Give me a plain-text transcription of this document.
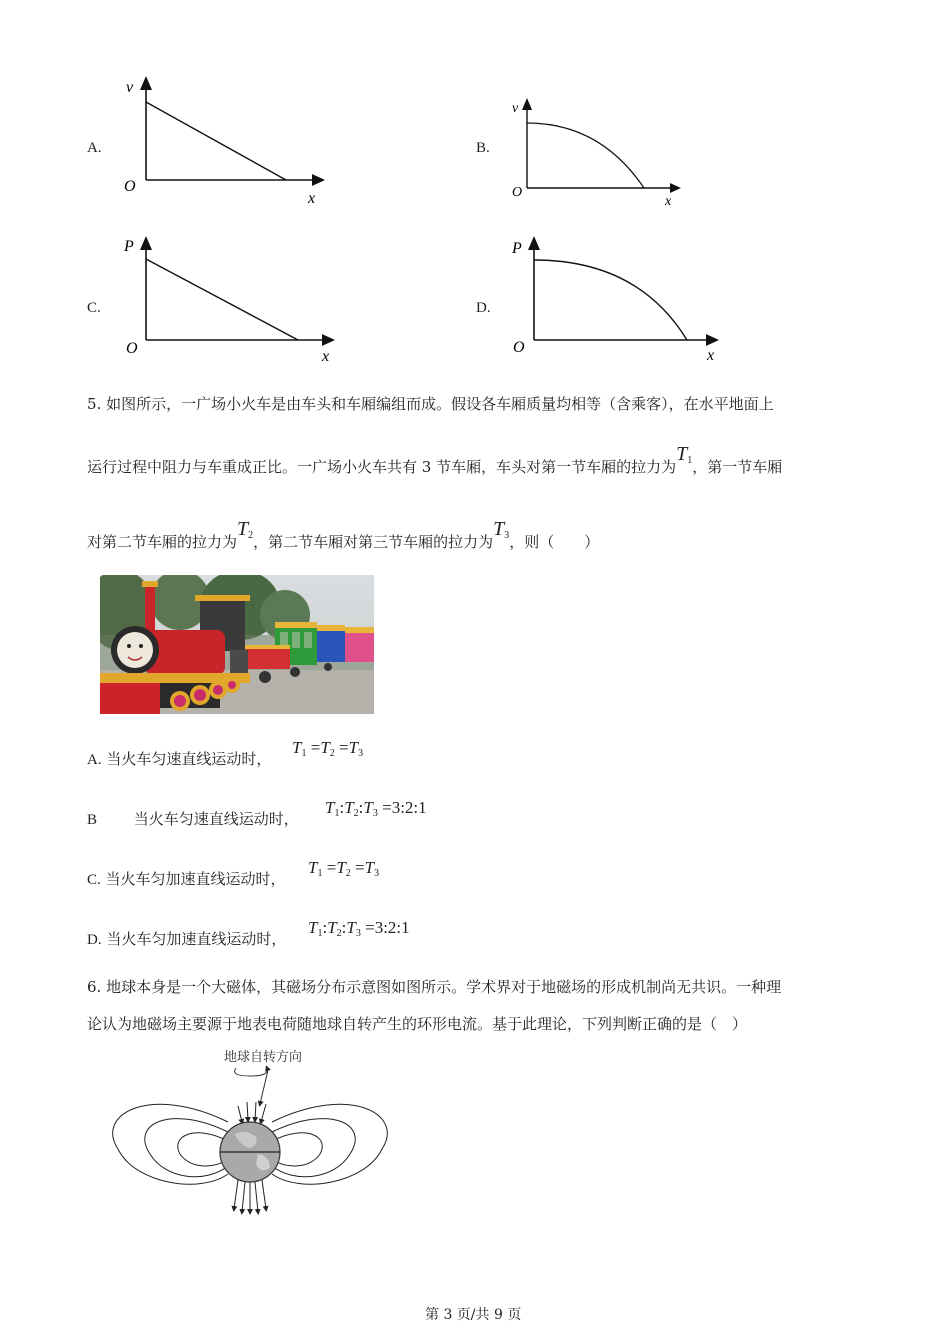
A.
v
O
x
B.
v
O
x
C.
P
O	x
D.
P
O	x
5. 如图所示，一广场小火车是由车头和车厢编组而成。假设各车厢质量均相等（含乘客），在水平地面上
运行过程中阻力与车重成正比。一广场小火车共有 3 节车厢，车头对第一节车厢的拉力为$T_1$，第一节车厢
对第二节车厢的拉力为$T_2$，第二节车厢对第三节车厢的拉力为$T_3$，则（　　）
A. 当火车匀速直线运动时，
$T_1 =T_2 =T_3$
B 当火车匀速直线运动时，
$T_1:T_2:T_3$ =3:2:1
C. 当火车匀加速直线运动时，
$T_1 =T_2 =T_3$
D. 当火车匀加速直线运动时，
$T_1:T_2:T_3$ =3:2:1
6. 地球本身是一个大磁体，其磁场分布示意图如图所示。学术界对于地磁场的形成机制尚无共识。一种理
论认为地磁场主要源于地表电荷随地球自转产生的环形电流。基于此理论，下列判断正确的是（　）
地球自转方向
第 3 页/共 9 页
